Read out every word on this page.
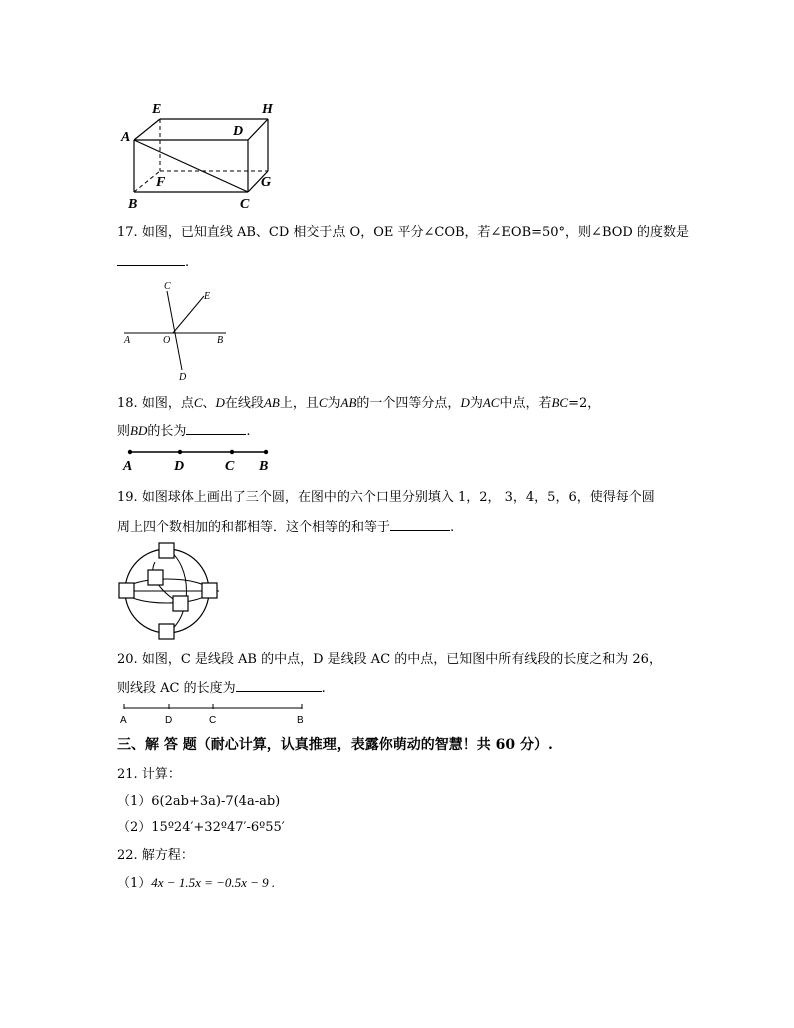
E	H
A	D
F	G
B	C
17. 如图，已知直线 AB、CD 相交于点 O，OE 平分∠COB，若∠EOB=50°，则∠BOD 的度数是
.
C
E
A	O	B
D
18. 如图，点C、D在线段AB上，且C为AB的一个四等分点，D为AC中点，若BC=2，
则BD的长为	.
A	D	C B
19. 如图球体上画出了三个圆，在图中的六个口里分别填入 1，2， 3，4，5，6，使得每个圆
周上四个数相加的和都相等．这个相等的和等于	.
20. 如图，C 是线段 AB 的中点，D 是线段 AC 的中点，已知图中所有线段的长度之和为 26，
则线段 AC 的长度为	.
A	D	C	B
三、解 答 题（耐心计算，认真推理，表露你萌动的智慧！共 60 分）.
21. 计算：
（1）6(2ab+3a)-7(4a-ab)
（2）15º24′+32º47′-6º55′
22. 解方程：
（1）4x − 1.5x = −0.5x − 9 .
